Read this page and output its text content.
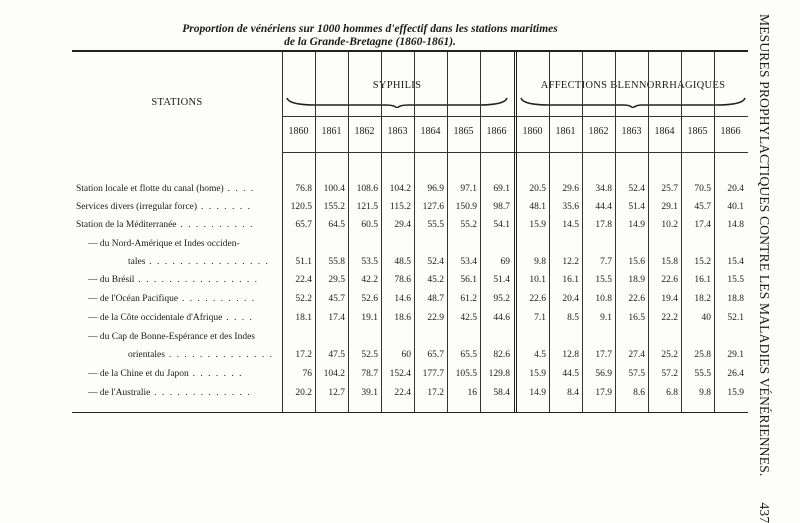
Proportion de vénériens sur 1000 hommes d'effectif dans les stations maritimes
de la Grande-Bretagne (1860-1861).	MESURES PROPHYLACTIQUES CONTRE LES MALADIES VÉNÉRIENNES.437
STATIONS
SYPHILIS	AFFECTIONS BLENNORRHAGIQUES
1860	1861	1862	1863	1864	1865	1866	1860	1861	1862	1863	1864	1865	1866
Station locale et flotte du canal (home) . . . .	76.8	100.4	108.6	104.2	96.9	97.1	69.1	20.5	29.6	34.8	52.4	25.7	70.5	20.4
Services divers (irregular force) . . . . . . .	120.5	155.2	121.5	115.2	127.6	150.9	98.7	48.1	35.6	44.4	51.4	29.1	45.7	40.1
Station de la Méditerranée . . . . . . . . . .	65.7	64.5	60.5	29.4	55.5	55.2	54.1	15.9	14.5	17.8	14.9	10.2	17.4	14.8
— du Nord-Amérique et Indes occiden-
tales . . . . . . . . . . . . . . . .	51.1	55.8	53.5	48.5	52.4	53.4	69	9.8	12.2	7.7	15.6	15.8	15.2	15.4
— du Brésil . . . . . . . . . . . . . . . .	22.4	29.5	42.2	78.6	45.2	56.1	51.4	10.1	16.1	15.5	18.9	22.6	16.1	15.5
— de l'Océan Pacifique . . . . . . . . . .	52.2	45.7	52.6	14.6	48.7	61.2	95.2	22.6	20.4	10.8	22.6	19.4	18.2	18.8
— de la Côte occidentale d'Afrique . . . .	18.1	17.4	19.1	18.6	22.9	42.5	44.6	7.1	8.5	9.1	16.5	22.2	40	52.1
— du Cap de Bonne-Espérance et des Indes
orientales . . . . . . . . . . . . . .	17.2	47.5	52.5	60	65.7	65.5	82.6	4.5	12.8	17.7	27.4	25.2	25.8	29.1
— de la Chine et du Japon . . . . . . .	76	104.2	78.7	152.4	177.7	105.5	129.8	15.9	44.5	56.9	57.5	57.2	55.5	26.4
— de l'Australie . . . . . . . . . . . . .	20.2	12.7	39.1	22.4	17.2	16	58.4	14.9	8.4	17.9	8.6	6.8	9.8	15.9
